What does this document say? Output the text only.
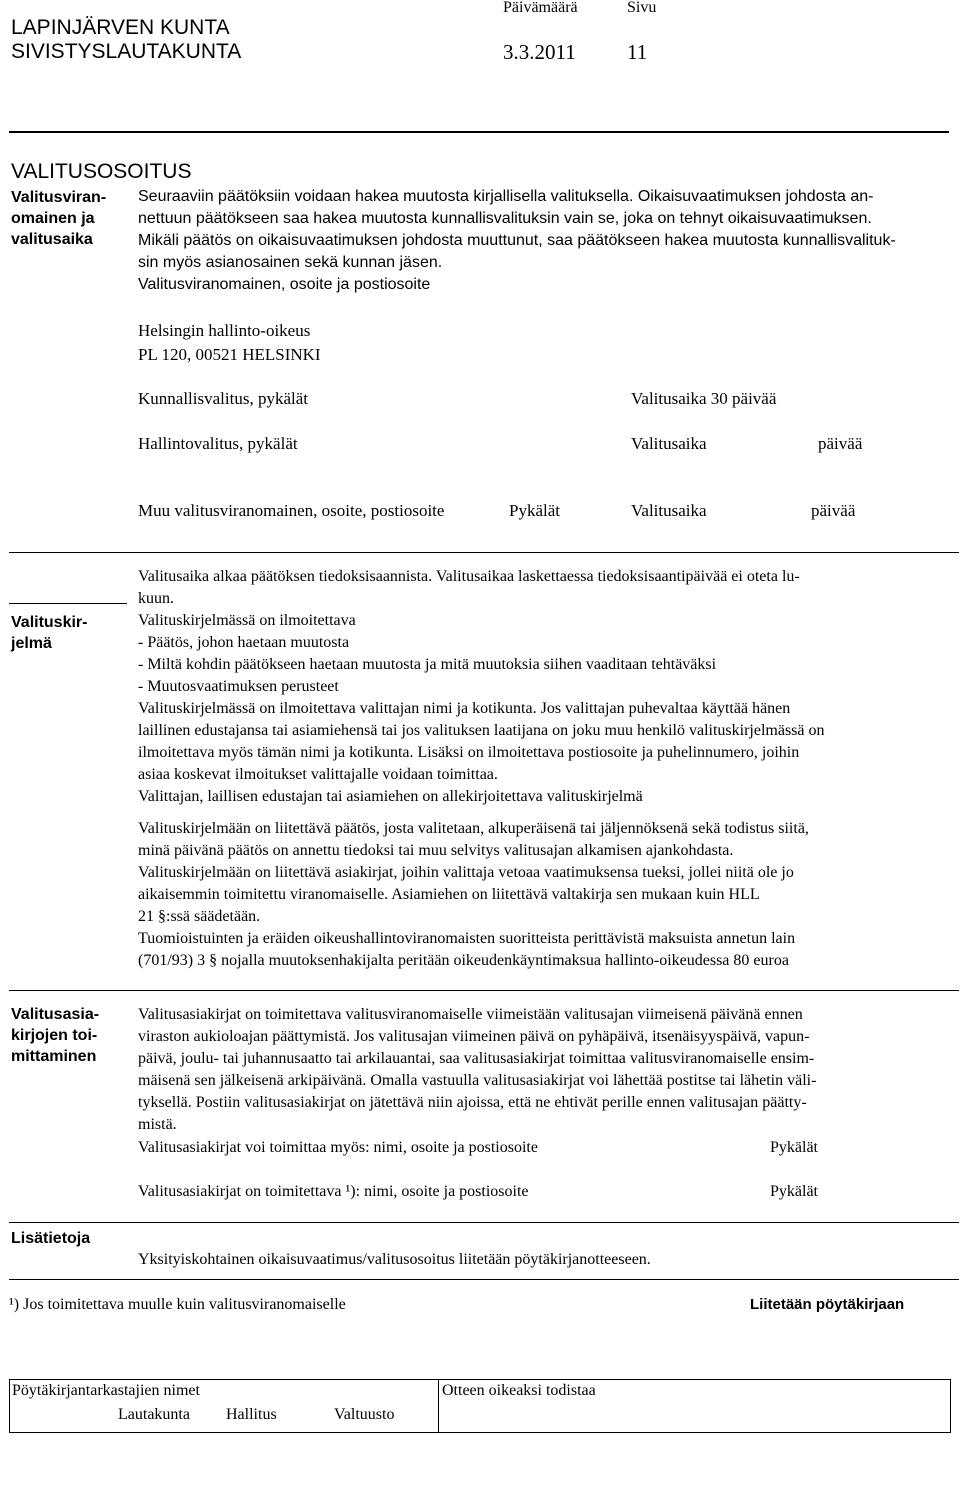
LAPINJÄRVEN KUNTA
SIVISTYSLAUTAKUNTA
Päivämäärä	Sivu
3.3.2011 11
VALITUSOSOITUS
Valitusviran-
omainen ja
valitusaika
Seuraaviin päätöksiin voidaan hakea muutosta kirjallisella valituksella. Oikaisuvaatimuksen johdosta an-
nettuun päätökseen saa hakea muutosta kunnallisvalituksin vain se, joka on tehnyt oikaisuvaatimuksen.
Mikäli päätös on oikaisuvaatimuksen johdosta muuttunut, saa päätökseen hakea muutosta kunnallisvalituk-
sin myös asianosainen sekä kunnan jäsen.
Valitusviranomainen, osoite ja postiosoite
Helsingin hallinto-oikeus
PL 120, 00521 HELSINKI
Kunnallisvalitus, pykälät	Valitusaika 30 päivää
Hallintovalitus, pykälät	Valitusaika	päivää
Muu valitusviranomainen, osoite, postiosoite	Pykälät	Valitusaika	päivää
Valitusaika alkaa päätöksen tiedoksisaannista. Valitusaikaa laskettaessa tiedoksisaantipäivää ei oteta lu-
kuun.
Valituskir-
jelmä
Valituskirjelmässä on ilmoitettava
- Päätös, johon haetaan muutosta
- Miltä kohdin päätökseen haetaan muutosta ja mitä muutoksia siihen vaaditaan tehtäväksi
- Muutosvaatimuksen perusteet
Valituskirjelmässä on ilmoitettava valittajan nimi ja kotikunta. Jos valittajan puhevaltaa käyttää hänen
laillinen edustajansa tai asiamiehensä tai jos valituksen laatijana on joku muu henkilö valituskirjelmässä on
ilmoitettava myös tämän nimi ja kotikunta. Lisäksi on ilmoitettava postiosoite ja puhelinnumero, joihin
asiaa koskevat ilmoitukset valittajalle voidaan toimittaa.
Valittajan, laillisen edustajan tai asiamiehen on allekirjoitettava valituskirjelmä
Valituskirjelmään on liitettävä päätös, josta valitetaan, alkuperäisenä tai jäljennöksenä sekä todistus siitä,
minä päivänä päätös on annettu tiedoksi tai muu selvitys valitusajan alkamisen ajankohdasta.
Valituskirjelmään on liitettävä asiakirjat, joihin valittaja vetoaa vaatimuksensa tueksi, jollei niitä ole jo
aikaisemmin toimitettu viranomaiselle. Asiamiehen on liitettävä valtakirja sen mukaan kuin HLL
21 §:ssä säädetään.
Tuomioistuinten ja eräiden oikeushallintoviranomaisten suoritteista perittävistä maksuista annetun lain
(701/93) 3 § nojalla muutoksenhakijalta peritään oikeudenkäyntimaksua hallinto-oikeudessa 80 euroa
Valitusasia-
kirjojen toi-
mittaminen
Valitusasiakirjat on toimitettava valitusviranomaiselle viimeistään valitusajan viimeisenä päivänä ennen
viraston aukioloajan päättymistä. Jos valitusajan viimeinen päivä on pyhäpäivä, itsenäisyyspäivä, vapun-
päivä, joulu- tai juhannusaatto tai arkilauantai, saa valitusasiakirjat toimittaa valitusviranomaiselle ensim-
mäisenä sen jälkeisenä arkipäivänä. Omalla vastuulla valitusasiakirjat voi lähettää postitse tai lähetin väli-
tyksellä. Postiin valitusasiakirjat on jätettävä niin ajoissa, että ne ehtivät perille ennen valitusajan päätty-
mistä.
Valitusasiakirjat voi toimittaa myös: nimi, osoite ja postiosoite	Pykälät
Valitusasiakirjat on toimitettava ¹): nimi, osoite ja postiosoite	Pykälät
Lisätietoja
Yksityiskohtainen oikaisuvaatimus/valitusosoitus liitetään pöytäkirjanotteeseen.
¹) Jos toimitettava muulle kuin valitusviranomaiselle	Liitetään pöytäkirjaan
Pöytäkirjantarkastajien nimet
Lautakunta Hallitus	Valtuusto
Otteen oikeaksi todistaa
